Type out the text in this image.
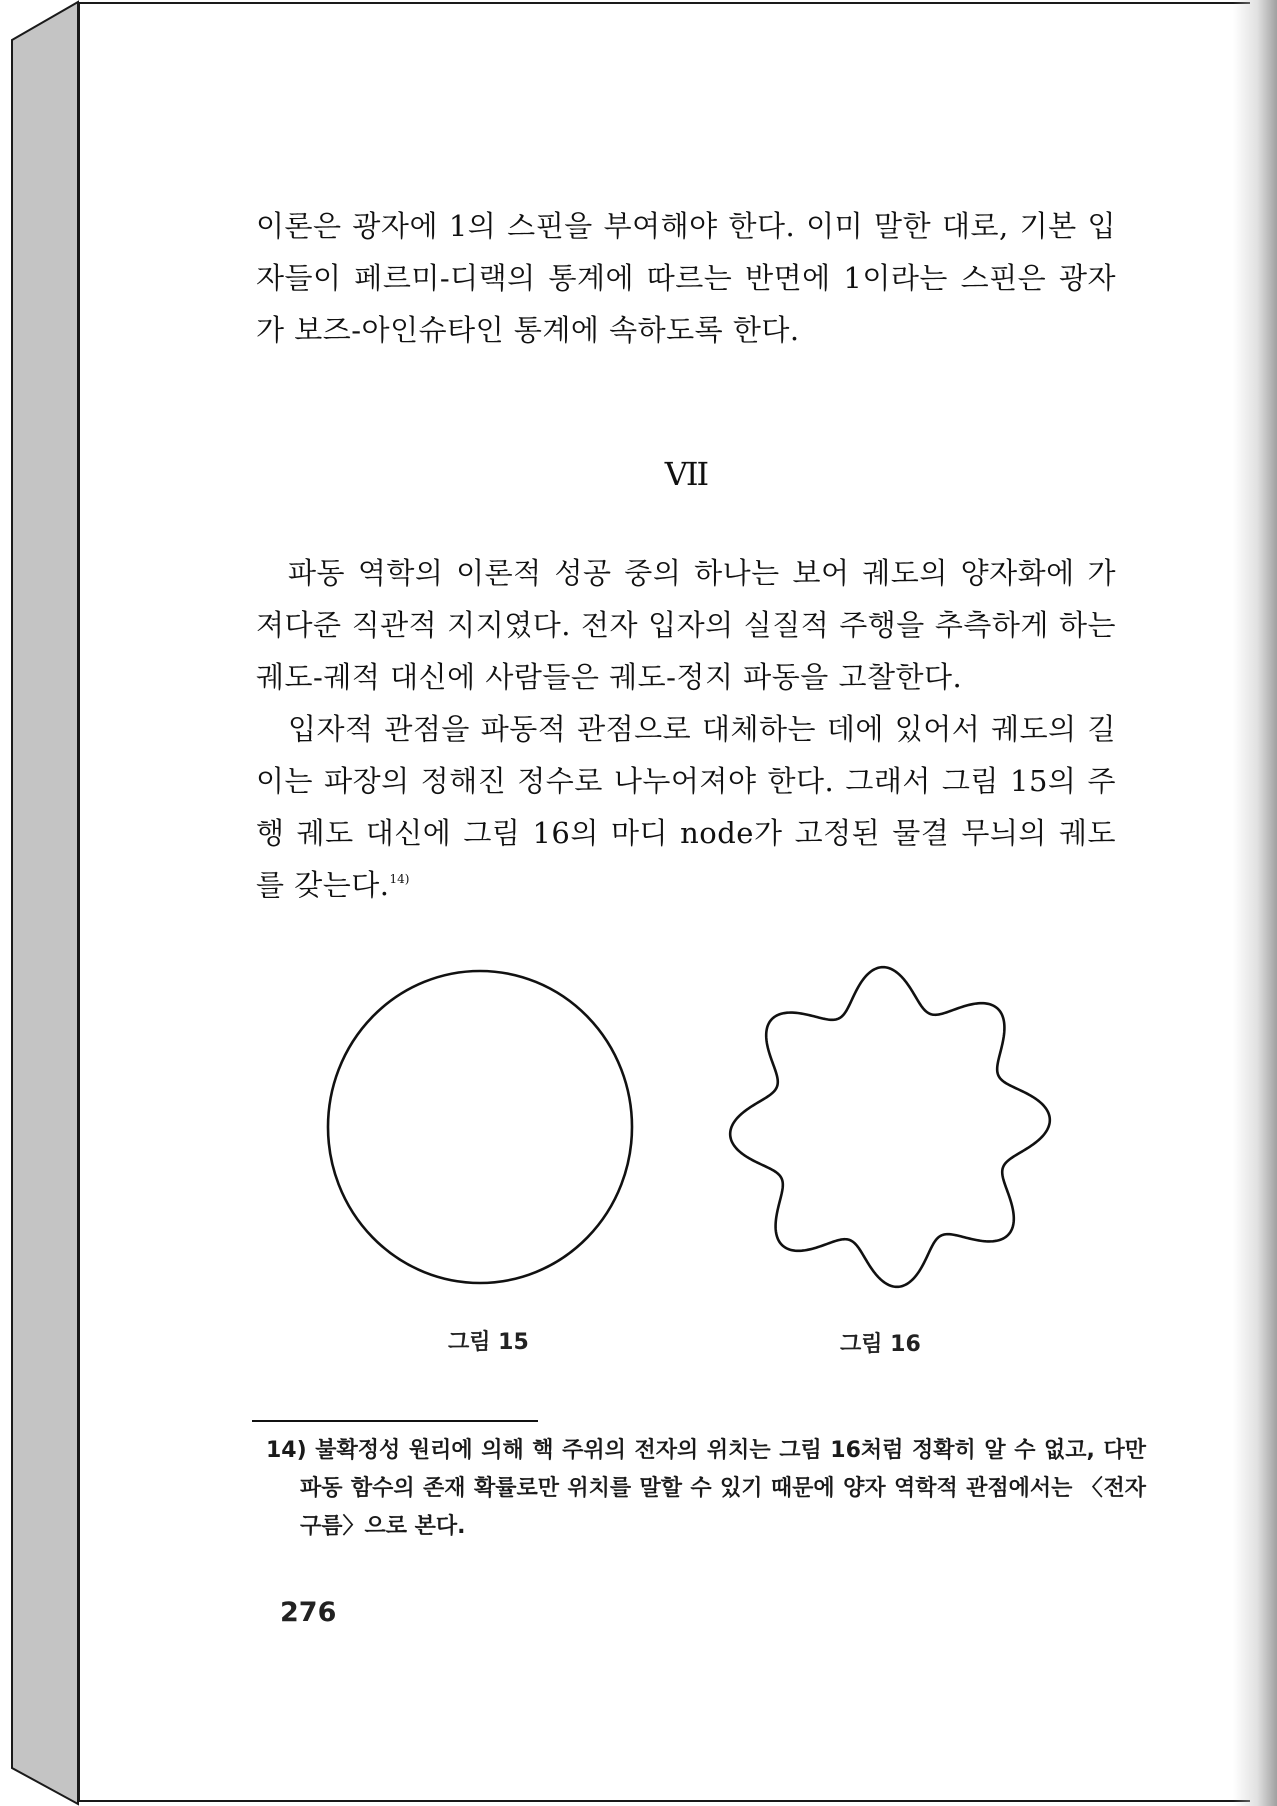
이론은 광자에 1의 스핀을 부여해야 한다. 이미 말한 대로, 기본 입자들이 페르미-디랙의 통계에 따르는 반면에 1이라는 스핀은 광자가 보즈-아인슈타인 통계에 속하도록 한다.

VII

파동 역학의 이론적 성공 중의 하나는 보어 궤도의 양자화에 가져다준 직관적 지지였다. 전자 입자의 실질적 주행을 추측하게 하는 궤도-궤적 대신에 사람들은 궤도-정지 파동을 고찰한다.

입자적 관점을 파동적 관점으로 대체하는 데에 있어서 궤도의 길이는 파장의 정해진 정수로 나누어져야 한다. 그래서 그림 15의 주행 궤도 대신에 그림 16의 마디 node가 고정된 물결 무늬의 궤도를 갖는다.$^{14)}$

그림 15	그림 16
14) 불확정성 원리에 의해 핵 주위의 전자의 위치는 그림 16처럼 정확히 알 수 없고, 다만 파동 함수의 존재 확률로만 위치를 말할 수 있기 때문에 양자 역학적 관점에서는 〈전자 구름〉으로 본다.
276
